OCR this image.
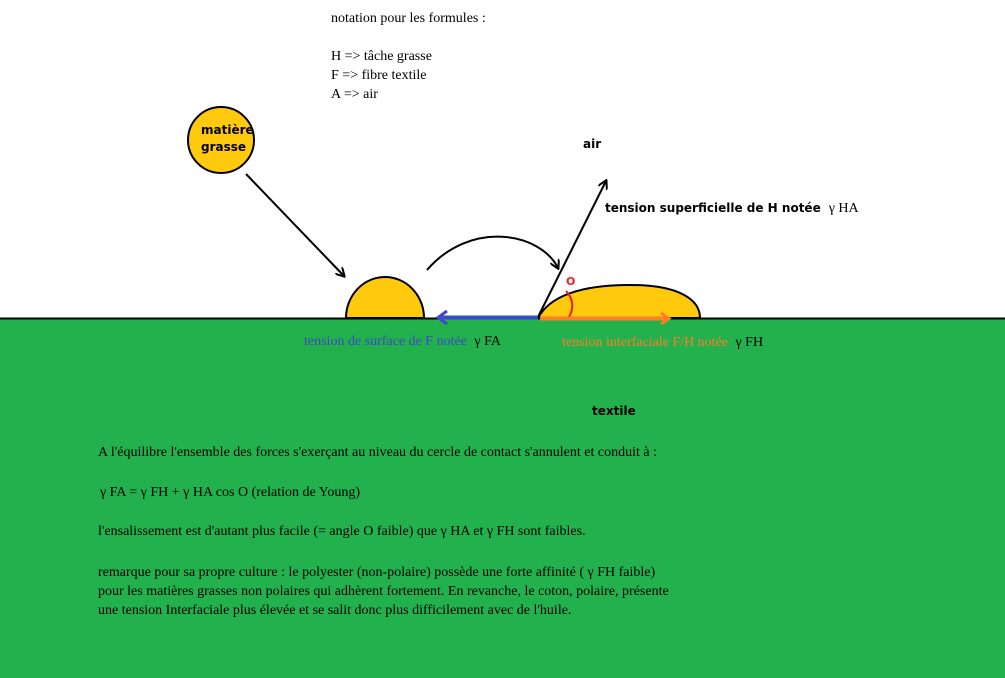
notation pour les formules :
H => tâche grasse
F => fibre textile
A => air
matière
grasse	air
tension superficielle de H notée γ HA
O
tension de surface de F notée γ FA	tension interfaciale F/H notée γ FH
textile
A l'équilibre l'ensemble des forces s'exerçant au niveau du cercle de contact s'annulent et conduit à :
γ FA = γ FH + γ HA cos O (relation de Young)
l'ensalissement est d'autant plus facile (= angle O faible) que γ HA et γ FH sont faibles.
remarque pour sa propre culture : le polyester (non-polaire) possède une forte affinité ( γ FH faible)
pour les matières grasses non polaires qui adhèrent fortement. En revanche, le coton, polaire, présente
une tension Interfaciale plus élevée et se salit donc plus difficilement avec de l'huile.
